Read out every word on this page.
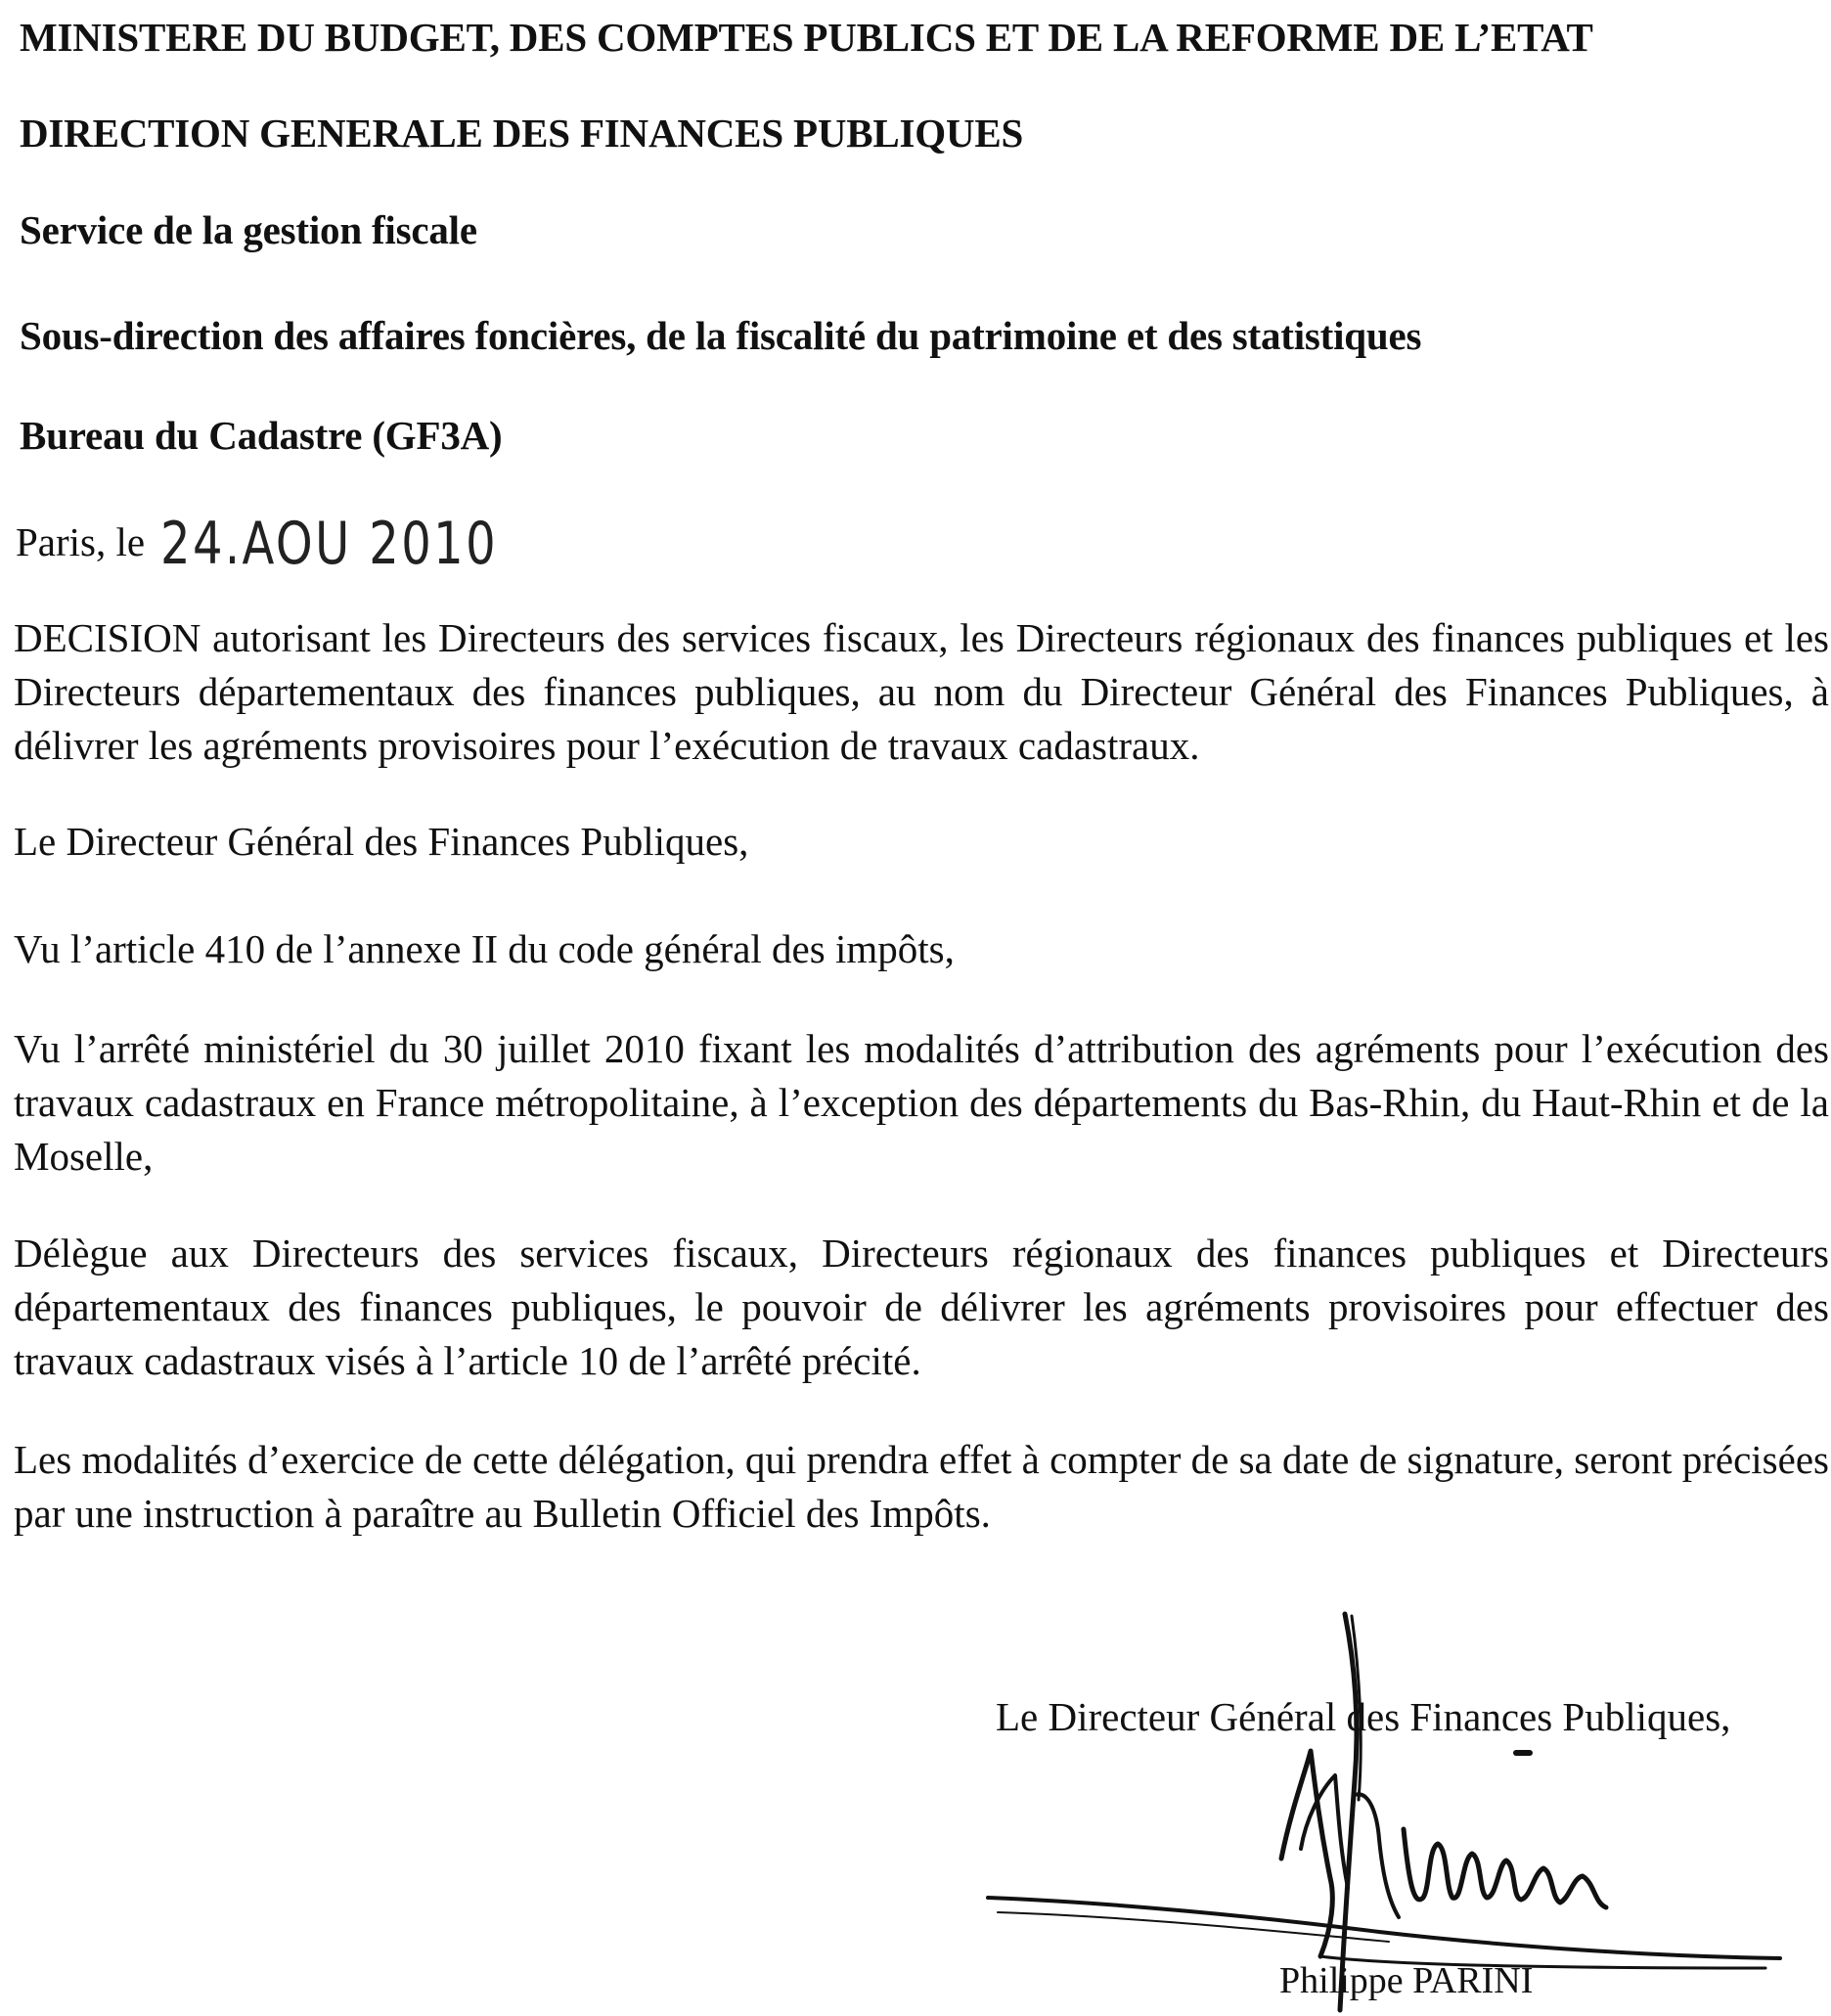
MINISTERE DU BUDGET, DES COMPTES PUBLICS ET DE LA REFORME DE L’ETAT
DIRECTION GENERALE DES FINANCES PUBLIQUES
Service de la gestion fiscale
Sous-direction des affaires foncières, de la fiscalité du patrimoine et des statistiques
Bureau du Cadastre (GF3A)
Paris, le 24.AOU 2010

DECISION autorisant les Directeurs des services fiscaux, les Directeurs régionaux des finances publiques et les Directeurs départementaux des finances publiques, au nom du Directeur Général des Finances Publiques, à délivrer les agréments provisoires pour l’exécution de travaux cadastraux.

Le Directeur Général des Finances Publiques,

Vu l’article 410 de l’annexe II du code général des impôts,

Vu l’arrêté ministériel du 30 juillet 2010 fixant les modalités d’attribution des agréments pour l’exécution des travaux cadastraux en France métropolitaine, à l’exception des départements du Bas-Rhin, du Haut-Rhin et de la Moselle,

Délègue aux Directeurs des services fiscaux, Directeurs régionaux des finances publiques et Directeurs départementaux des finances publiques, le pouvoir de délivrer les agréments provisoires pour effectuer des travaux cadastraux visés à l’article 10 de l’arrêté précité.

Les modalités d’exercice de cette délégation, qui prendra effet à compter de sa date de signature, seront précisées par une instruction à paraître au Bulletin Officiel des Impôts.

Le Directeur Général des Finances Publiques,
Philippe PARINI
